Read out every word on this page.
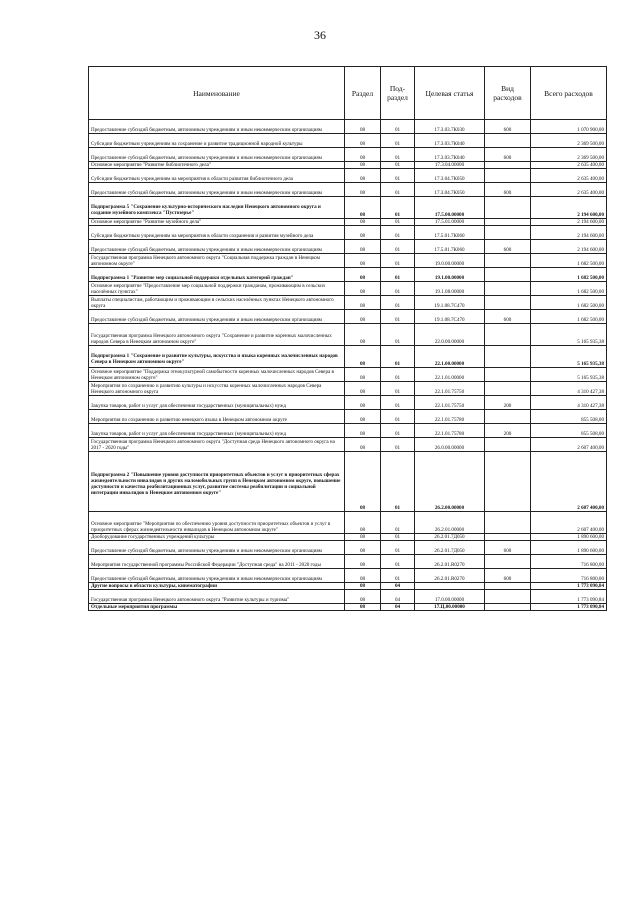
36
Наименование	Раздел	Под-раздел	Целевая статья	Вид расходов	Всего расходов
Предоставление субсидий бюджетным, автономным учреждениям и иным некоммерческим организациям	08	01	17.3.03.7К030	600	1 070 900,00
Субсидии бюджетным учреждениям на сохранение и развитие традиционной народной культуры	08	01	17.3.03.7К040		2 369 500,00
Предоставление субсидий бюджетным, автономным учреждениям и иным некоммерческим организациям	08	01	17.3.03.7К040	600	2 369 500,00
Основное мероприятие "Развитие библиотечного дела"	08	01	17.3.04.00000		2 635 400,00
Субсидии бюджетным учреждениям на мероприятия в области развития библиотечного дела	08	01	17.3.04.7К050		2 635 400,00
Предоставление субсидий бюджетным, автономным учреждениям и иным некоммерческим организациям	08	01	17.3.04.7К050	600	2 635 400,00
Подпрограмма 5 "Сохранение культурно-исторического наследия Ненецкого автономного округа и создание музейного комплекса "Пустозерье"	08	01	17.5.00.00000		2 194 600,00
Основное мероприятие "Развитие музейного дела"	08	01	17.5.01.00000		2 194 600,00
Субсидии бюджетным учреждениям на мероприятия в области сохранения и развития музейного дела	08	01	17.5.01.7К060		2 194 600,00
Предоставление субсидий бюджетным, автономным учреждениям и иным некоммерческим организациям	08	01	17.5.01.7К060	600	2 194 600,00
Государственная программа Ненецкого автономного округа "Социальная поддержка граждан в Ненецком автономном округе"	08	01	19.0.00.00000		1 682 500,00
Подпрограмма 1 "Развитие мер социальной поддержки отдельных категорий граждан"	08	01	19.1.00.00000		1 682 500,00
Основное мероприятие "Предоставление мер социальной поддержки гражданам, проживающим в сельских населённых пунктах"	08	01	19.1.08.00000		1 682 500,00
Выплаты специалистам, работающим и проживающим в сельских населённых пунктах Ненецкого автономного округа	08	01	19.1.08.7С470		1 682 500,00
Предоставление субсидий бюджетным, автономным учреждениям и иным некоммерческим организациям	08	01	19.1.08.7С470	600	1 682 500,00
Государственная программа Ненецкого автономного округа "Сохранение и развитие коренных малочисленных народов Севера в Ненецком автономном округе"	08	01	22.0.00.00000		5 165 935,38
Подпрограмма 1 "Сохранение и развитие культуры, искусства и языка коренных малочисленных народов Севера в Ненецком автономном округе"	08	01	22.1.00.00000		5 165 935,38
Основное мероприятие "Поддержка этнокультурной самобытности коренных малочисленных народов Севера в Ненецком автономном округе"	08	01	22.1.01.00000		5 165 935,38
Мероприятия по сохранению и развитию культуры и искусства коренных малочисленных народов Севера Ненецкого автономного округа	08	01	22.1.01.75750		4 310 427,38
Закупка товаров, работ и услуг для обеспечения государственных (муниципальных) нужд	08	01	22.1.01.75750	200	4 310 427,38
Мероприятия по сохранению и развитию ненецкого языка в Ненецком автономном округе	08	01	22.1.01.75780		855 508,00
Закупка товаров, работ и услуг для обеспечения государственных (муниципальных) нужд	08	01	22.1.01.75780	200	855 508,00
Государственная программа Ненецкого автономного округа "Доступная среда Ненецкого автономного округа на 2017 - 2020 годы"	08	01	26.0.00.00000		2 607 400,00
Подпрограмма 2 "Повышение уровня доступности приоритетных объектов и услуг в приоритетных сферах жизнедеятельности инвалидов и других маломобильных групп в Ненецком автономном округе, повышение доступности и качества реабилитационных услуг, развитие системы реабилитации и социальной интеграции инвалидов в Ненецком автономном округе"	08	01	26.2.00.00000		2 607 400,00
Основное мероприятие "Мероприятия по обеспечению уровня доступности приоритетных объектов и услуг в приоритетных сферах жизнедеятельности инвалидов в Ненецком автономном округе"	08	01	26.2.01.00000		2 607 400,00
Дооборудование государственных учреждений культуры	08	01	26.2.01.7Д050		1 890 600,00
Предоставление субсидий бюджетным, автономным учреждениям и иным некоммерческим организациям	08	01	26.2.01.7Д050	600	1 890 600,00
Мероприятия государственной программы Российской Федерации "Доступная среда" на 2011 - 2020 годы	08	01	26.2.01.R0270		716 800,00
Предоставление субсидий бюджетным, автономным учреждениям и иным некоммерческим организациям	08	01	26.2.01.R0270	600	716 800,00
Другие вопросы в области культуры, кинематографии	08	04			1 773 090,84
Государственная программа Ненецкого автономного округа "Развитие культуры и туризма"	08	04	17.0.00.00000		1 773 090,84
Отдельные мероприятия программы	08	04	17.Ц.00.00000		1 773 090,84
